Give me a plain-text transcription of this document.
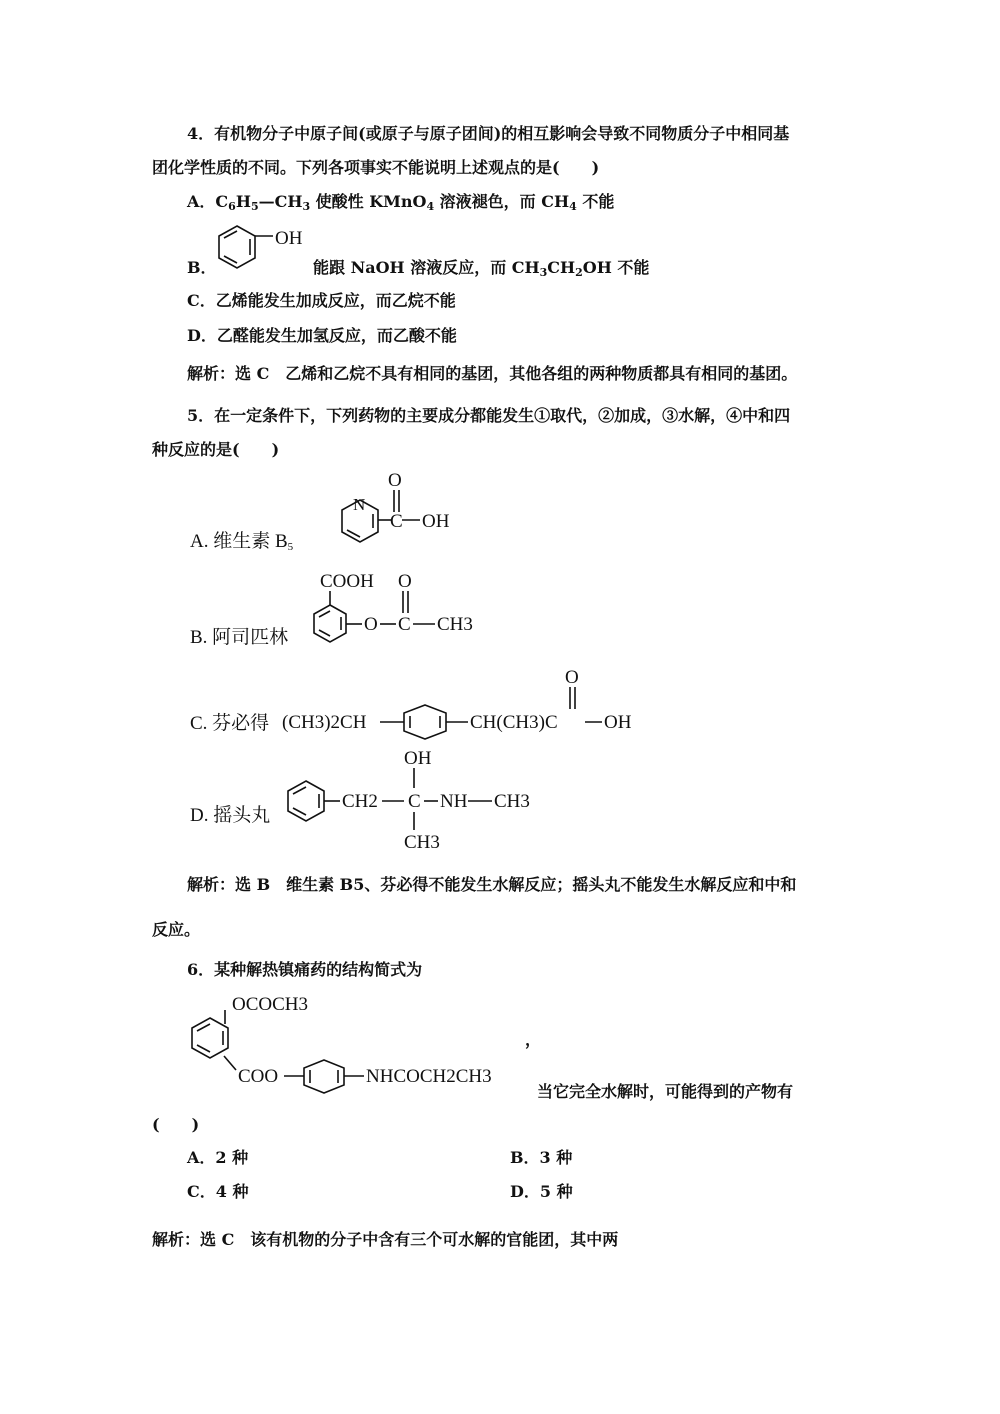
4．有机物分子中原子间(或原子与原子团间)的相互影响会导致不同物质分子中相同基
团化学性质的不同。下列各项事实不能说明上述观点的是(　　)
A．$C_6H_5—CH_3$ 使酸性 KMnO$_4$ 溶液褪色，而 $CH_4$ 不能
B．
OH
能跟 NaOH 溶液反应，而 $CH_3CH_2OH$ 不能
C．乙烯能发生加成反应，而乙烷不能
D．乙醛能发生加氢反应，而乙酸不能
解析：选 C　乙烯和乙烷不具有相同的基团，其他各组的两种物质都具有相同的基团。
5．在一定条件下，下列药物的主要成分都能发生①取代，②加成，③水解，④中和四
种反应的是(　　)
A. 维生素 $B_5$
O
N
OH
C
B. 阿司匹林
COOH
O
O
C CH3
C. 芬必得 (CH3)2CH	CH(CH3)C
O
OH
D. 摇头丸
CH2
OH
C
CH3
NH CH3
解析：选 B　维生素 B5、芬必得不能发生水解反应；摇头丸不能发生水解反应和中和
反应。
6．某种解热镇痛药的结构简式为
OCOCH3
COO	NHCOCH2CH3
，
当它完全水解时，可能得到的产物有
(　　)
A．2 种	B．3 种
C．4 种	D．5 种
解析：选 C　该有机物的分子中含有三个可水解的官能团，其中两
